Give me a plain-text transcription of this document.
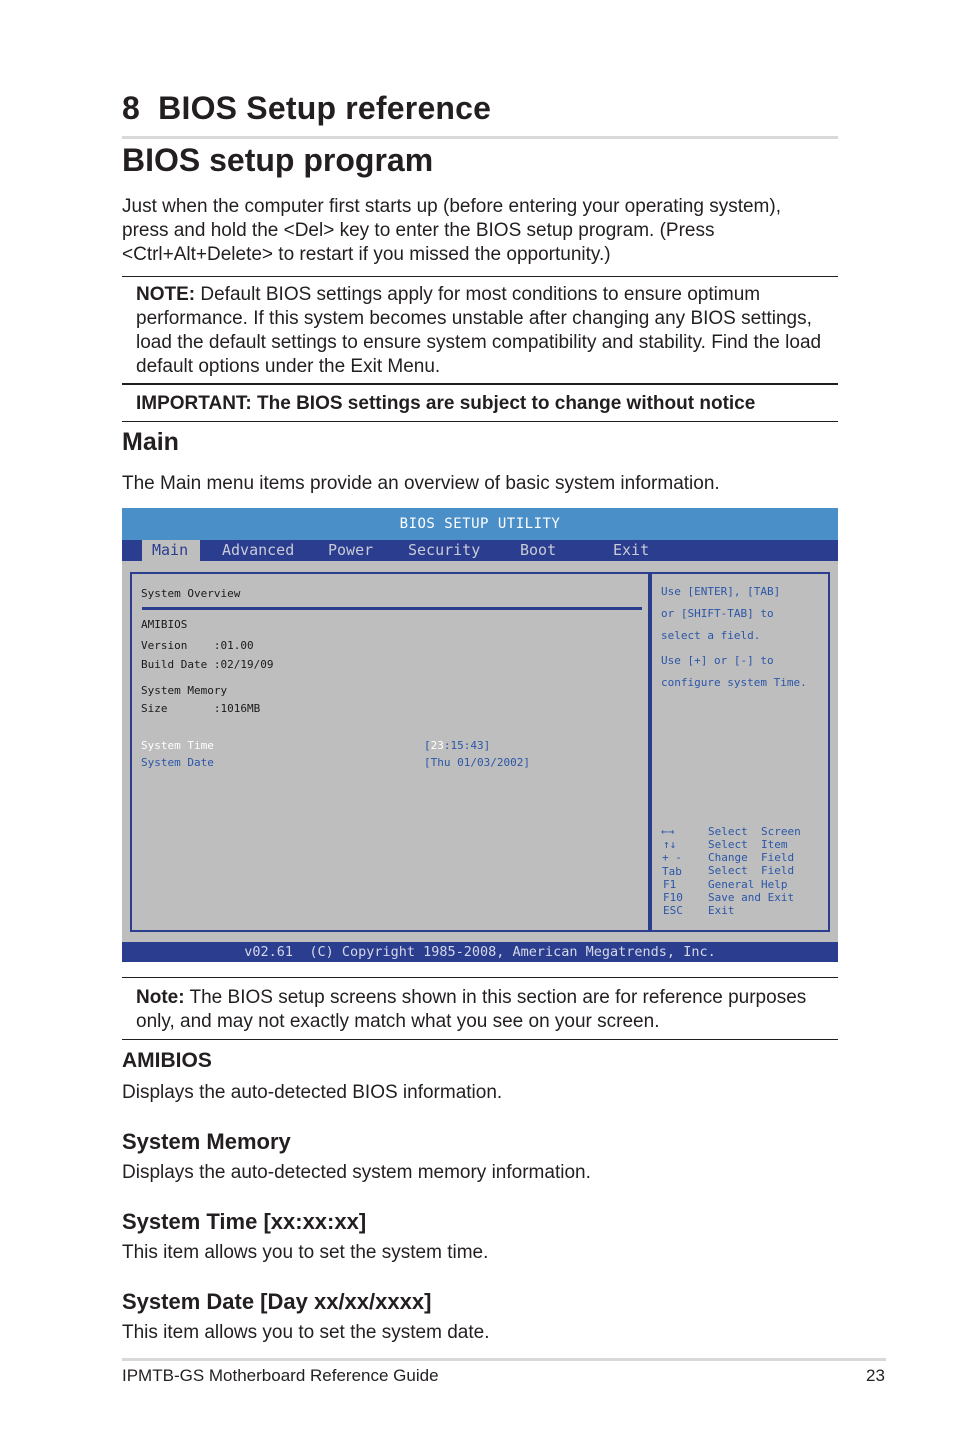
8  BIOS Setup reference
BIOS setup program
Just when the computer first starts up (before entering your operating system),
press and hold the <Del> key to enter the BIOS setup program. (Press
<Ctrl+Alt+Delete> to restart if you missed the opportunity.)
NOTE: Default BIOS settings apply for most conditions to ensure optimum
performance. If this system becomes unstable after changing any BIOS settings,
load the default settings to ensure system compatibility and stability. Find the load
default options under the Exit Menu.
IMPORTANT: The BIOS settings are subject to change without notice
Main
The Main menu items provide an overview of basic system information.
BIOS SETUP UTILITY
Main	Advanced Power Security	Boot	Exit
System Overview
AMIBIOS
Version    :01.00
Build Date :02/19/09
System Memory
Size       :1016MB
System Time	[23:15:43]
System Date	[Thu 01/03/2002]
Use [ENTER], [TAB]
or [SHIFT-TAB] to
select a field.
Use [+] or [-] to
configure system Time.
←→	Select  Screen
↑↓	Select  Item
+ - Change  Field
Tab Select  Field
F1	General Help
F10 Save and Exit
ESC Exit
v02.61  (C) Copyright 1985-2008, American Megatrends, Inc.
Note: The BIOS setup screens shown in this section are for reference purposes
only, and may not exactly match what you see on your screen.
AMIBIOS
Displays the auto-detected BIOS information.
System Memory
Displays the auto-detected system memory information.
System Time [xx:xx:xx]
This item allows you to set the system time.
System Date [Day xx/xx/xxxx]
This item allows you to set the system date.
IPMTB-GS Motherboard Reference Guide	23
